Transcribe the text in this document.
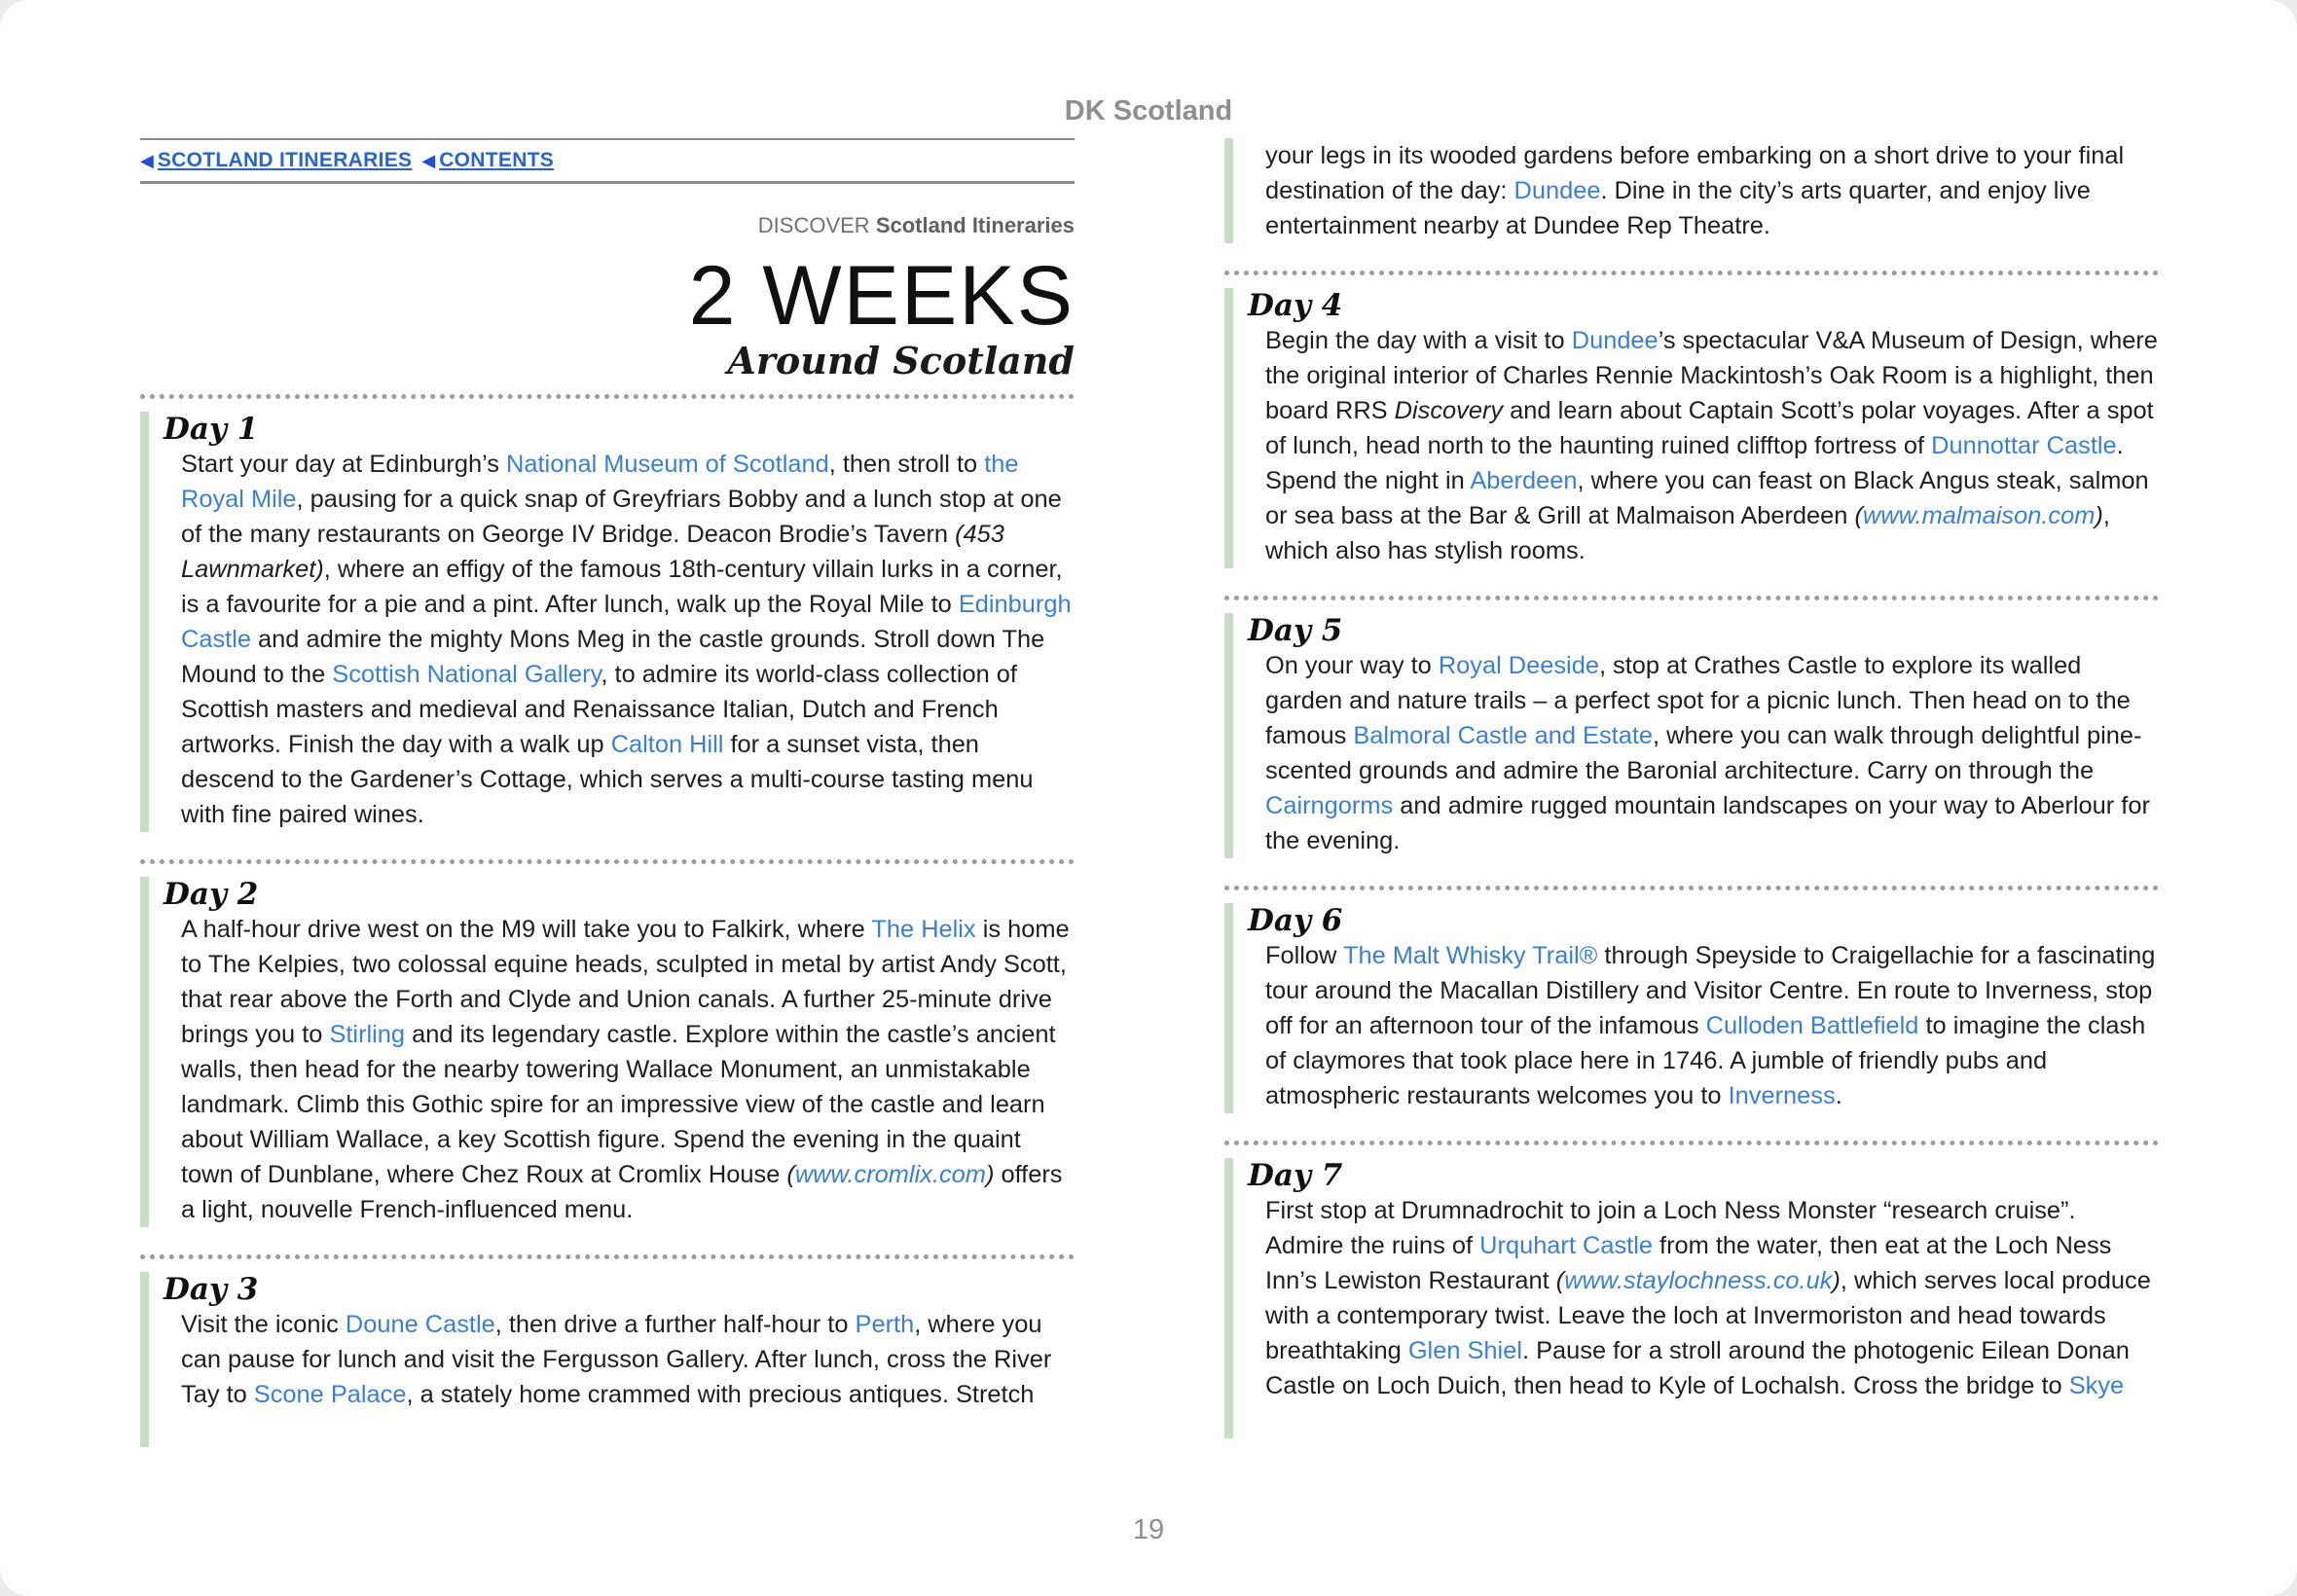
DK Scotland
◀ SCOTLAND ITINERARIES ◀ CONTENTS
DISCOVER Scotland Itineraries
2 WEEKS
Around Scotland
Day 1

Start your day at Edinburgh’s National Museum of Scotland, then stroll to the Royal Mile, pausing for a quick snap of Greyfriars Bobby and a lunch stop at one of the many restaurants on George IV Bridge. Deacon Brodie’s Tavern (453 Lawnmarket), where an effigy of the famous 18th-century villain lurks in a corner, is a favourite for a pie and a pint. After lunch, walk up the Royal Mile to Edinburgh Castle and admire the mighty Mons Meg in the castle grounds. Stroll down The Mound to the Scottish National Gallery, to admire its world-class collection of Scottish masters and medieval and Renaissance Italian, Dutch and French artworks. Finish the day with a walk up Calton Hill for a sunset vista, then descend to the Gardener’s Cottage, which serves a multi-course tasting menu with fine paired wines.

Day 2

A half-hour drive west on the M9 will take you to Falkirk, where The Helix is home to The Kelpies, two colossal equine heads, sculpted in metal by artist Andy Scott, that rear above the Forth and Clyde and Union canals. A further 25-minute drive brings you to Stirling and its legendary castle. Explore within the castle’s ancient walls, then head for the nearby towering Wallace Monument, an unmistakable landmark. Climb this Gothic spire for an impressive view of the castle and learn about William Wallace, a key Scottish figure. Spend the evening in the quaint town of Dunblane, where Chez Roux at Cromlix House (www.cromlix.com) offers a light, nouvelle French-influenced menu.

Day 3

Visit the iconic Doune Castle, then drive a further half-hour to Perth, where you can pause for lunch and visit the Fergusson Gallery. After lunch, cross the River Tay to Scone Palace, a stately home crammed with precious antiques. Stretch

your legs in its wooded gardens before embarking on a short drive to your final destination of the day: Dundee. Dine in the city’s arts quarter, and enjoy live entertainment nearby at Dundee Rep Theatre.

Day 4

Begin the day with a visit to Dundee’s spectacular V&A Museum of Design, where the original interior of Charles Rennie Mackintosh’s Oak Room is a highlight, then board RRS Discovery and learn about Captain Scott’s polar voyages. After a spot of lunch, head north to the haunting ruined clifftop fortress of Dunnottar Castle. Spend the night in Aberdeen, where you can feast on Black Angus steak, salmon or sea bass at the Bar & Grill at Malmaison Aberdeen (www.malmaison.com), which also has stylish rooms.

Day 5

On your way to Royal Deeside, stop at Crathes Castle to explore its walled garden and nature trails – a perfect spot for a picnic lunch. Then head on to the famous Balmoral Castle and Estate, where you can walk through delightful pine-scented grounds and admire the Baronial architecture. Carry on through the Cairngorms and admire rugged mountain landscapes on your way to Aberlour for the evening.

Day 6

Follow The Malt Whisky Trail® through Speyside to Craigellachie for a fascinating tour around the Macallan Distillery and Visitor Centre. En route to Inverness, stop off for an afternoon tour of the infamous Culloden Battlefield to imagine the clash of claymores that took place here in 1746. A jumble of friendly pubs and atmospheric restaurants welcomes you to Inverness.

Day 7

First stop at Drumnadrochit to join a Loch Ness Monster “research cruise”. Admire the ruins of Urquhart Castle from the water, then eat at the Loch Ness Inn’s Lewiston Restaurant (www.staylochness.co.uk), which serves local produce with a contemporary twist. Leave the loch at Invermoriston and head towards breathtaking Glen Shiel. Pause for a stroll around the photogenic Eilean Donan Castle on Loch Duich, then head to Kyle of Lochalsh. Cross the bridge to Skye

19
